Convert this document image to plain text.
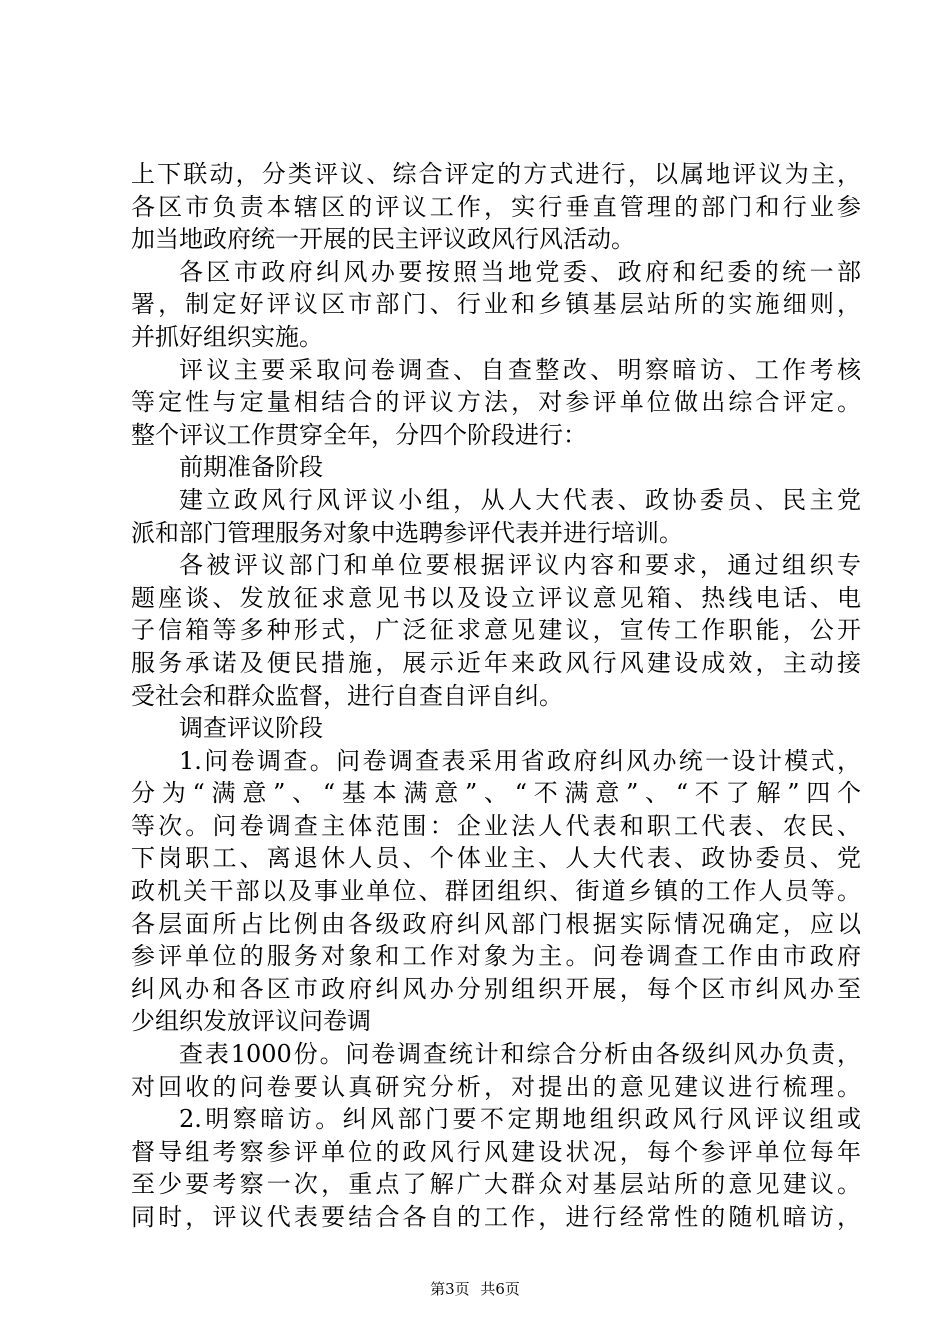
上下联动，分类评议、综合评定的方式进行，以属地评议为主，
各区市负责本辖区的评议工作，实行垂直管理的部门和行业参
加当地政府统一开展的民主评议政风行风活动。
各区市政府纠风办要按照当地党委、政府和纪委的统一部
署，制定好评议区市部门、行业和乡镇基层站所的实施细则，
并抓好组织实施。
评议主要采取问卷调查、自查整改、明察暗访、工作考核
等定性与定量相结合的评议方法，对参评单位做出综合评定。
整个评议工作贯穿全年，分四个阶段进行：
前期准备阶段
建立政风行风评议小组，从人大代表、政协委员、民主党
派和部门管理服务对象中选聘参评代表并进行培训。
各被评议部门和单位要根据评议内容和要求，通过组织专
题座谈、发放征求意见书以及设立评议意见箱、热线电话、电
子信箱等多种形式，广泛征求意见建议，宣传工作职能，公开
服务承诺及便民措施，展示近年来政风行风建设成效，主动接
受社会和群众监督，进行自查自评自纠。
调查评议阶段
1.问卷调查。问卷调查表采用省政府纠风办统一设计模式，
分为“满意”、“基本满意”、“不满意”、“不了解”四个
等次。问卷调查主体范围：企业法人代表和职工代表、农民、
下岗职工、离退休人员、个体业主、人大代表、政协委员、党
政机关干部以及事业单位、群团组织、街道乡镇的工作人员等。
各层面所占比例由各级政府纠风部门根据实际情况确定，应以
参评单位的服务对象和工作对象为主。问卷调查工作由市政府
纠风办和各区市政府纠风办分别组织开展，每个区市纠风办至
少组织发放评议问卷调
查表1000份。问卷调查统计和综合分析由各级纠风办负责，
对回收的问卷要认真研究分析，对提出的意见建议进行梳理。
2.明察暗访。纠风部门要不定期地组织政风行风评议组或
督导组考察参评单位的政风行风建设状况，每个参评单位每年
至少要考察一次，重点了解广大群众对基层站所的意见建议。
同时，评议代表要结合各自的工作，进行经常性的随机暗访，
第3页 共6页
